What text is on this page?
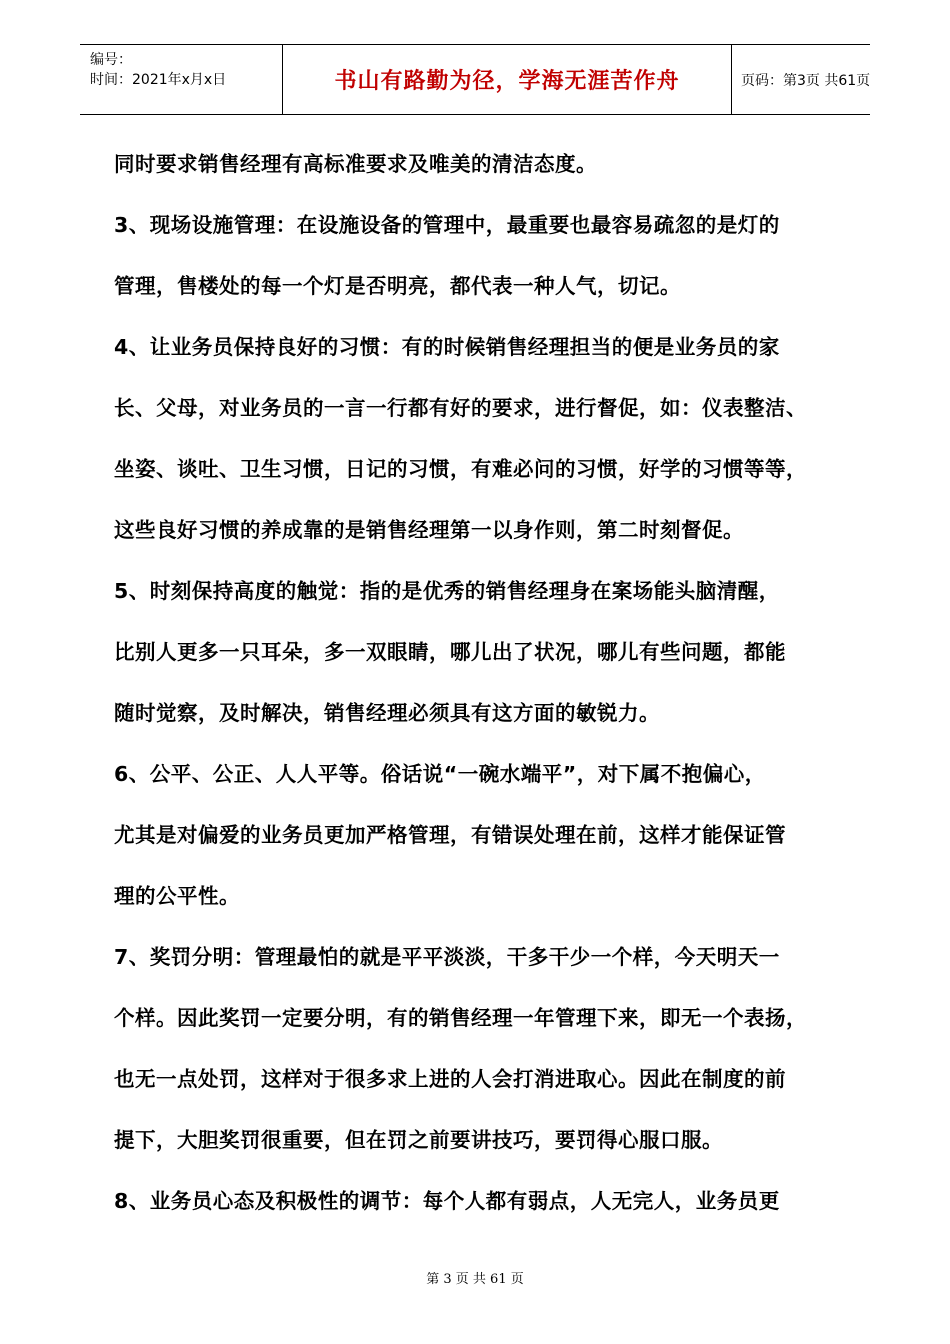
编号：
时间：2021年x月x日	书山有路勤为径，学海无涯苦作舟	页码：第3页 共61页
同时要求销售经理有高标准要求及唯美的清洁态度。
3、现场设施管理：在设施设备的管理中，最重要也最容易疏忽的是灯的
管理，售楼处的每一个灯是否明亮，都代表一种人气，切记。
4、让业务员保持良好的习惯：有的时候销售经理担当的便是业务员的家
长、父母，对业务员的一言一行都有好的要求，进行督促，如：仪表整洁、
坐姿、谈吐、卫生习惯，日记的习惯，有难必问的习惯，好学的习惯等等，
这些良好习惯的养成靠的是销售经理第一以身作则，第二时刻督促。
5、时刻保持高度的触觉：指的是优秀的销售经理身在案场能头脑清醒，
比别人更多一只耳朵，多一双眼睛，哪儿出了状况，哪儿有些问题，都能
随时觉察，及时解决，销售经理必须具有这方面的敏锐力。
6、公平、公正、人人平等。俗话说“一碗水端平”，对下属不抱偏心，
尤其是对偏爱的业务员更加严格管理，有错误处理在前，这样才能保证管
理的公平性。
7、奖罚分明：管理最怕的就是平平淡淡，干多干少一个样，今天明天一
个样。因此奖罚一定要分明，有的销售经理一年管理下来，即无一个表扬，
也无一点处罚，这样对于很多求上进的人会打消进取心。因此在制度的前
提下，大胆奖罚很重要，但在罚之前要讲技巧，要罚得心服口服。
8、业务员心态及积极性的调节：每个人都有弱点，人无完人，业务员更
第 3 页 共 61 页
